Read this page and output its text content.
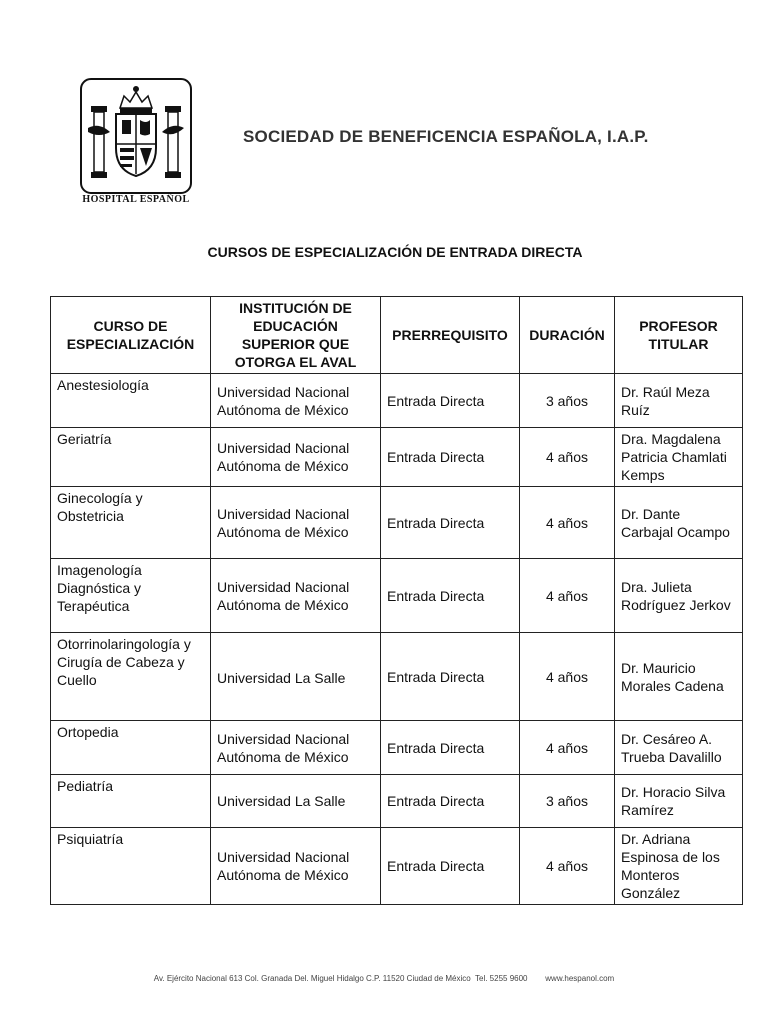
HOSPITAL ESPAÑOL
SOCIEDAD DE BENEFICENCIA ESPAÑOLA, I.A.P.
CURSOS DE ESPECIALIZACIÓN DE ENTRADA DIRECTA
CURSO DE ESPECIALIZACIÓN	INSTITUCIÓN DE EDUCACIÓN SUPERIOR QUE OTORGA EL AVAL	PRERREQUISITO	DURACIÓN	PROFESOR TITULAR
Anestesiología	Universidad Nacional Autónoma de México	Entrada Directa	3 años	Dr. Raúl Meza Ruíz
Geriatría	Universidad Nacional Autónoma de México	Entrada Directa	4 años	Dra. Magdalena Patricia Chamlati Kemps
Ginecología y Obstetricia	Universidad Nacional Autónoma de México	Entrada Directa	4 años	Dr. Dante Carbajal Ocampo
Imagenología Diagnóstica y Terapéutica	Universidad Nacional Autónoma de México	Entrada Directa	4 años	Dra. Julieta Rodríguez Jerkov
Otorrinolaringología y Cirugía de Cabeza y Cuello	Universidad La Salle	Entrada Directa	4 años	Dr. Mauricio Morales Cadena
Ortopedia	Universidad Nacional Autónoma de México	Entrada Directa	4 años	Dr. Cesáreo A. Trueba Davalillo
Pediatría	Universidad La Salle	Entrada Directa	3 años	Dr. Horacio Silva Ramírez
Psiquiatría	Universidad Nacional Autónoma de México	Entrada Directa	4 años	Dr. Adriana Espinosa de los Monteros González
Av. Ejército Nacional 613 Col. Granada Del. Miguel Hidalgo C.P. 11520 Ciudad de México  Tel. 5255 9600 www.hespanol.com
